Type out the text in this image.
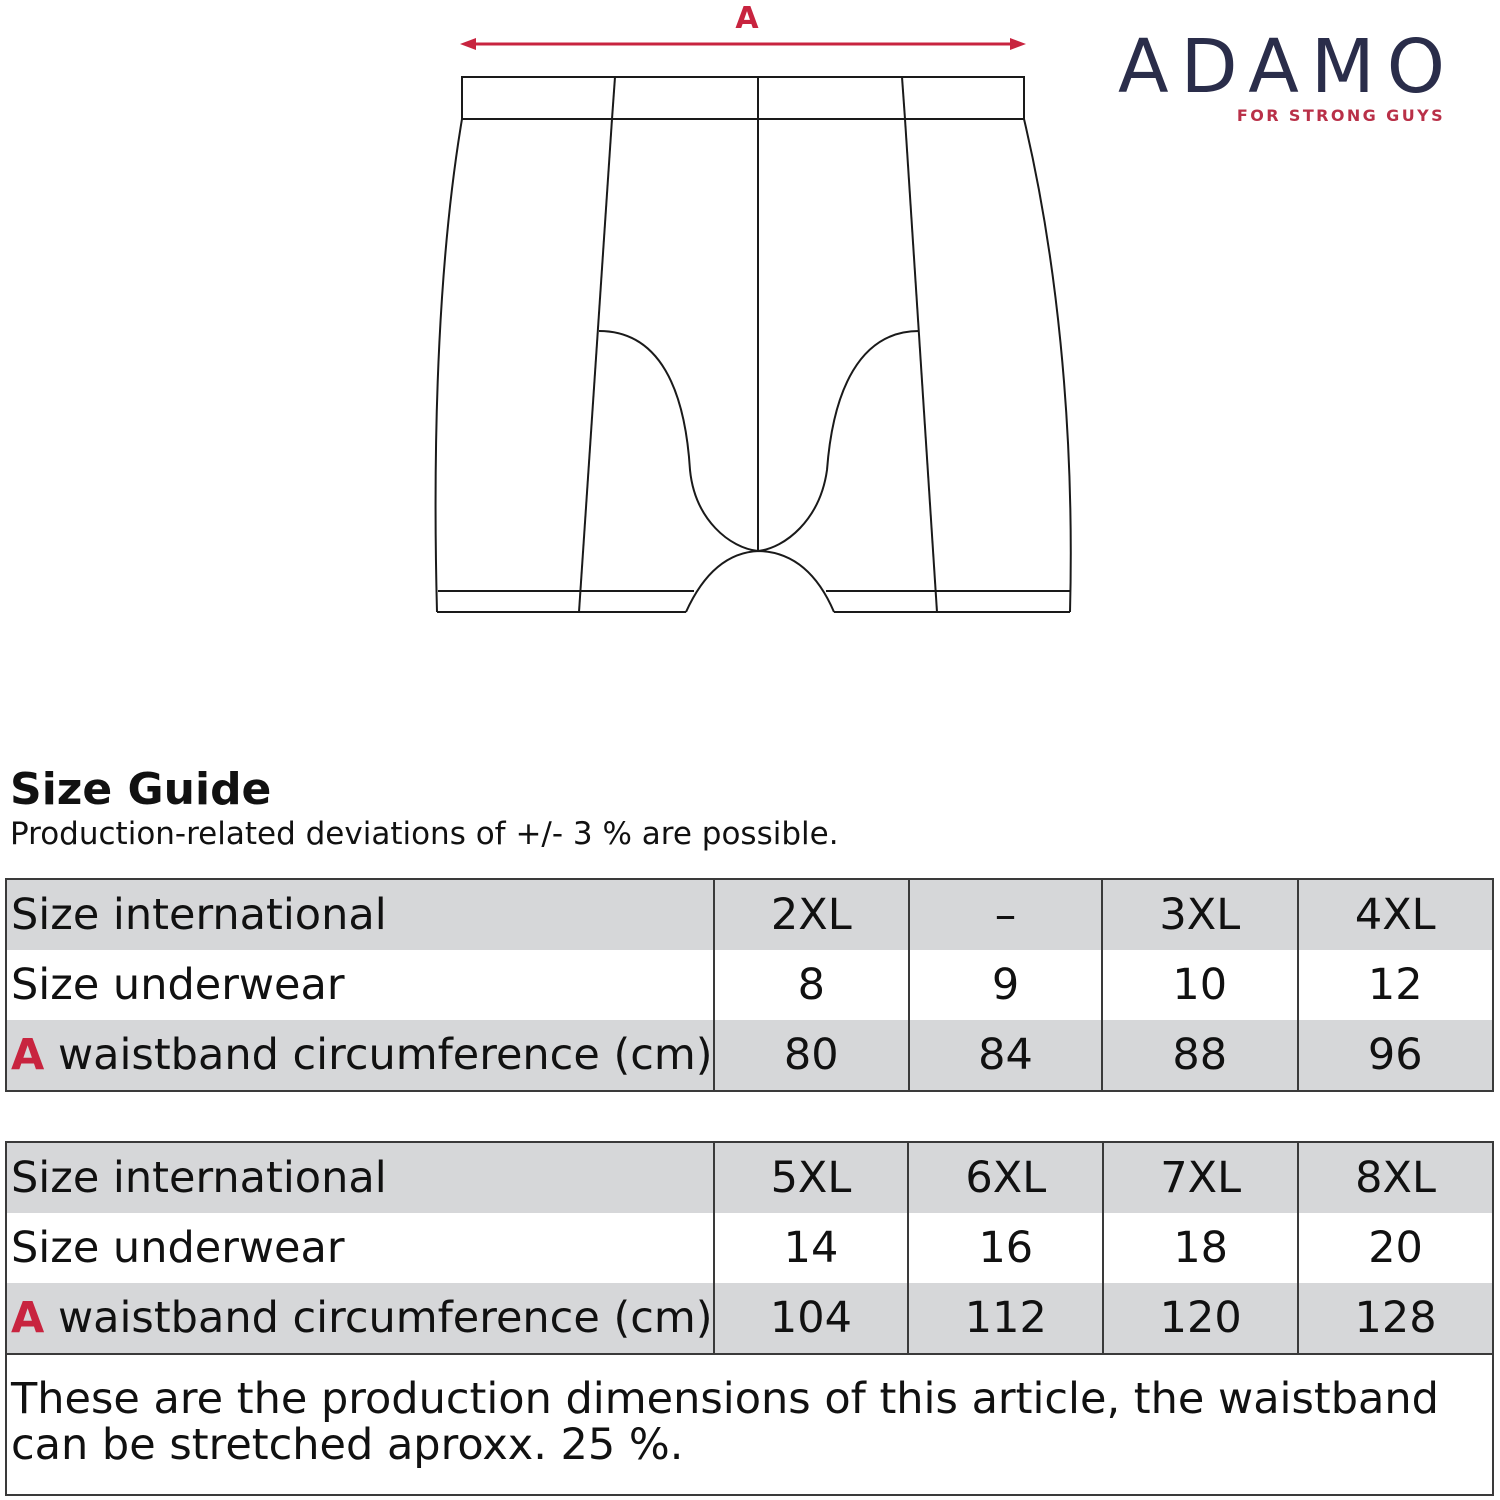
ADAMO
FOR STRONG GUYS
A
Size Guide
Production-related deviations of +/- 3 % are possible.
Size international	2XL	–	3XL	4XL
Size underwear	8	9	10	12
A waistband circumference (cm)	80	84	88	96
Size international	5XL	6XL	7XL	8XL
Size underwear	14	16	18	20
A waistband circumference (cm)	104	112	120	128
These are the production dimensions of this article, the waistband can be stretched aproxx. 25 %.
